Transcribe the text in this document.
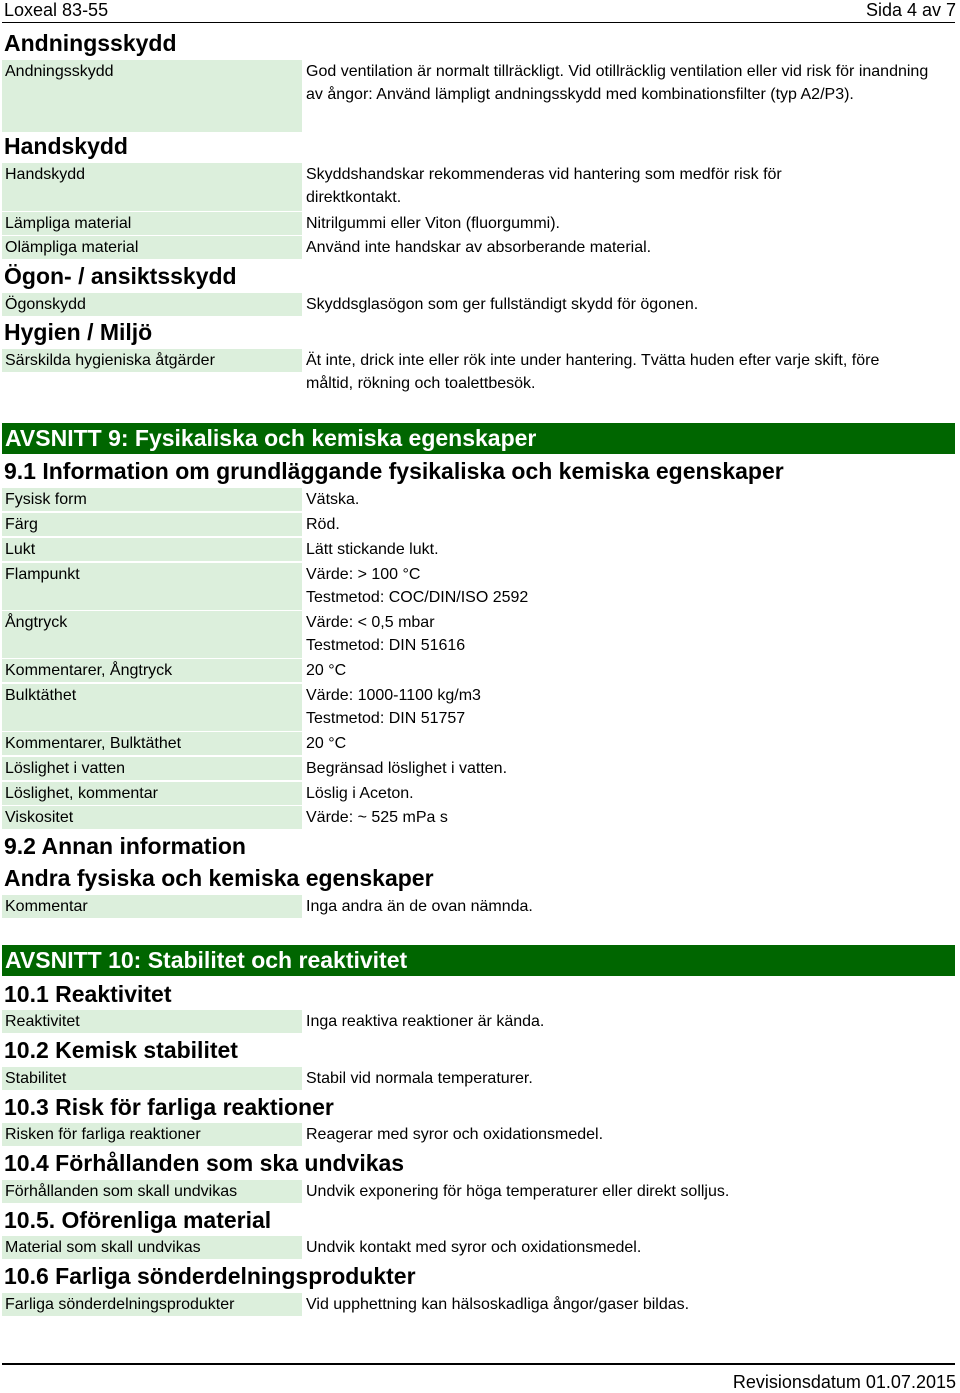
Loxeal 83-55	Sida 4 av 7
Andningsskydd
Andningsskydd	God ventilation är normalt tillräckligt. Vid otillräcklig ventilation eller vid risk för inandning av ångor: Använd lämpligt andningsskydd med kombinationsfilter (typ A2/P3).
Handskydd
Handskydd	Skyddshandskar rekommenderas vid hantering som medför risk för direktkontakt.
Lämpliga material	Nitrilgummi eller Viton (fluorgummi).
Olämpliga material	Använd inte handskar av absorberande material.
Ögon- / ansiktsskydd
Ögonskydd	Skyddsglasögon som ger fullständigt skydd för ögonen.
Hygien / Miljö
Särskilda hygieniska åtgärder	Ät inte, drick inte eller rök inte under hantering. Tvätta huden efter varje skift, före måltid, rökning och toalettbesök.
AVSNITT 9: Fysikaliska och kemiska egenskaper
9.1 Information om grundläggande fysikaliska och kemiska egenskaper
Fysisk form	Vätska.
Färg	Röd.
Lukt	Lätt stickande lukt.
Flampunkt	Värde: > 100 °C
Testmetod: COC/DIN/ISO 2592
Ångtryck	Värde: < 0,5 mbar
Testmetod: DIN 51616
Kommentarer, Ångtryck	20 °C
Bulktäthet	Värde: 1000-1100 kg/m3
Testmetod: DIN 51757
Kommentarer, Bulktäthet	20 °C
Löslighet i vatten	Begränsad löslighet i vatten.
Löslighet, kommentar	Löslig i Aceton.
Viskositet	Värde: ~ 525 mPa s
9.2 Annan information
Andra fysiska och kemiska egenskaper
Kommentar	Inga andra än de ovan nämnda.
AVSNITT 10: Stabilitet och reaktivitet
10.1 Reaktivitet
Reaktivitet	Inga reaktiva reaktioner är kända.
10.2 Kemisk stabilitet
Stabilitet	Stabil vid normala temperaturer.
10.3 Risk för farliga reaktioner
Risken för farliga reaktioner	Reagerar med syror och oxidationsmedel.
10.4 Förhållanden som ska undvikas
Förhållanden som skall undvikas	Undvik exponering för höga temperaturer eller direkt solljus.
10.5. Oförenliga material
Material som skall undvikas	Undvik kontakt med syror och oxidationsmedel.
10.6 Farliga sönderdelningsprodukter
Farliga sönderdelningsprodukter	Vid upphettning kan hälsoskadliga ångor/gaser bildas.
Revisionsdatum 01.07.2015
